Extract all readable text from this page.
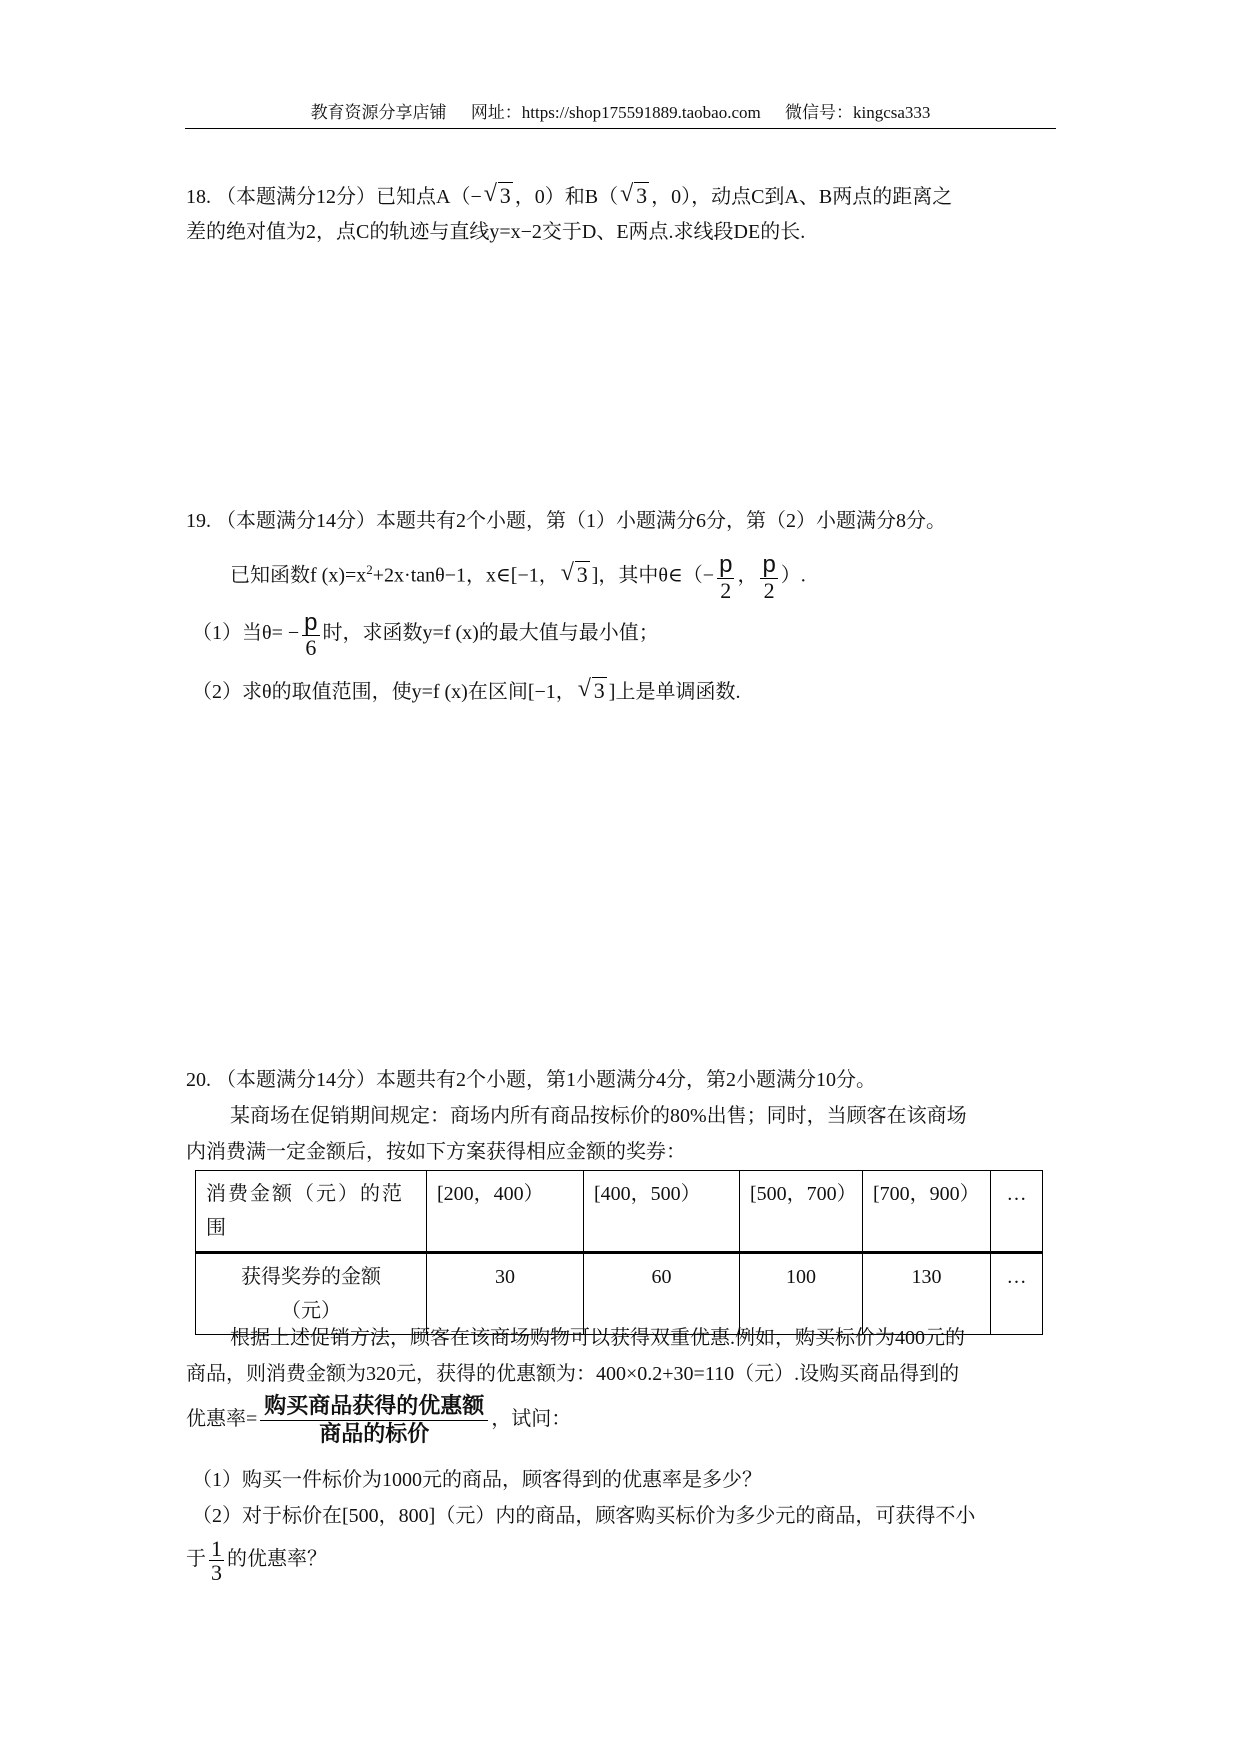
教育资源分享店铺 网址：https://shop175591889.taobao.com 微信号：kingcsa333
18. （本题满分12分）已知点A（− √ 3 ，0）和B（ √ 3 ，0），动点C到A、B两点的距离之
差的绝对值为2，点C的轨迹与直线y=x−2交于D、E两点.求线段DE的长.
19. （本题满分14分）本题共有2个小题，第（1）小题满分6分，第（2）小题满分8分。
已知函数f $(x)=x^2+2x\cdot\tan\theta-1$，x∈[−1， √ 3 ]，其中θ∈（− $\frac{p}{2}$ ， $\frac{p}{2}$ ）.
（1）当$\theta= - \frac{p}{6}$ 时，求函数y=f (x)的最大值与最小值；
（2）求θ的取值范围，使y=f (x)在区间[−1， √ 3 ]上是单调函数.
20. （本题满分14分）本题共有2个小题，第1小题满分4分，第2小题满分10分。
某商场在促销期间规定：商场内所有商品按标价的80%出售；同时，当顾客在该商场
内消费满一定金额后，按如下方案获得相应金额的奖券：
消费金额（元）的范围	[200，400）	[400，500）	[500，700）	[700，900）	…
获得奖券的金额（元）	30	60	100	130	…
根据上述促销方法，顾客在该商场购物可以获得双重优惠.例如，购买标价为400元的
商品，则消费金额为320元，获得的优惠额为：400×0.2+30=110（元）.设购买商品得到的
优惠率= $\frac{\text{购买商品获得的优惠额}}{\text{商品的标价}}$ ，试问：
（1）购买一件标价为1000元的商品，顾客得到的优惠率是多少？
（2）对于标价在[500，800]（元）内的商品，顾客购买标价为多少元的商品，可获得不小
于 $\frac{1}{3}$ 的优惠率？
